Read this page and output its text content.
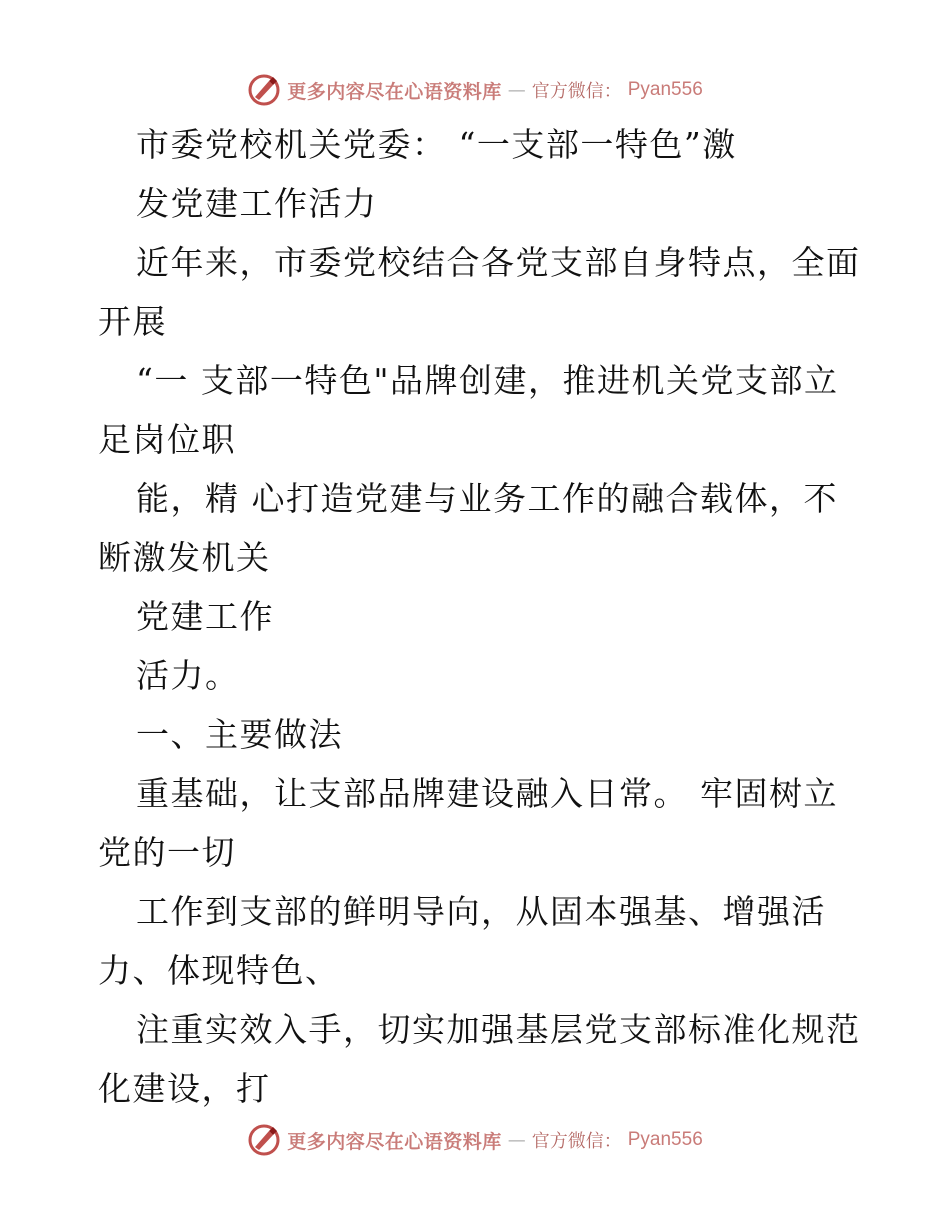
更多内容尽在心语资料库 — 官方微信： Pyan556
市委党校机关党委： “一支部一特色”激
发党建工作活力
近年来，市委党校结合各党支部自身特点，全面
开展
“一 支部一特色"品牌创建，推进机关党支部立
足岗位职
能，精 心打造党建与业务工作的融合载体，不
断激发机关
党建工作
活力。
一、主要做法
重基础，让支部品牌建设融入日常。 牢固树立
党的一切
工作到支部的鲜明导向，从固本强基、增强活
力、体现特色、
注重实效入手，切实加强基层党支部标准化规范
化建设，打
更多内容尽在心语资料库 — 官方微信： Pyan556
